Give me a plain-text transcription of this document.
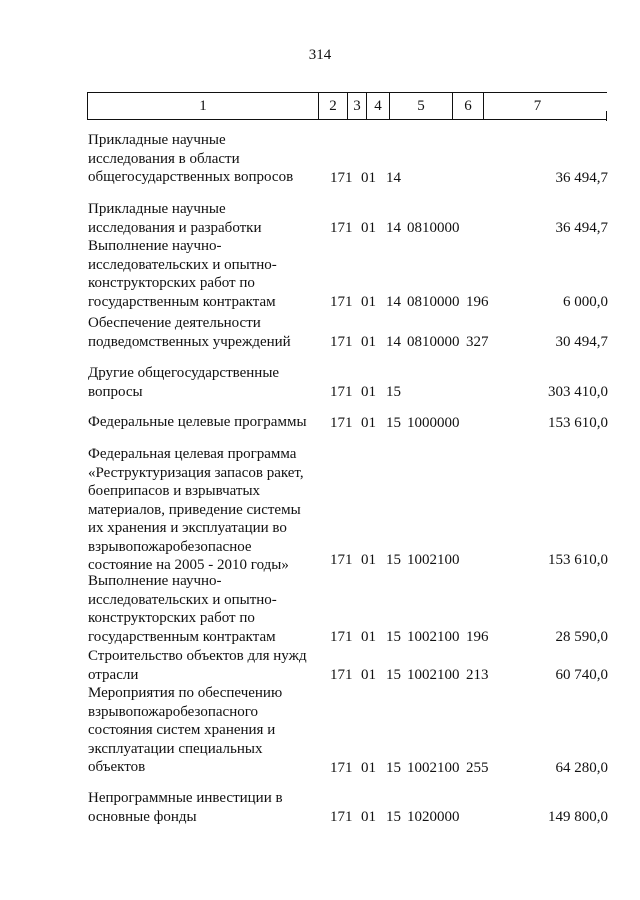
314
1	2	3	4	5	6	7
Прикладные научные
исследования в области
общегосударственных вопросов	171 01 14	36 494,7
Прикладные научные
исследования и разработки	171 01 14 0810000	36 494,7
Выполнение научно-
исследовательских и опытно-
конструкторских работ по
государственным контрактам	171 01 14 0810000 196	6 000,0
Обеспечение деятельности
подведомственных учреждений	171 01 14 0810000 327	30 494,7
Другие общегосударственные
вопросы	171 01 15	303 410,0
Федеральные целевые программы	171 01 15 1000000	153 610,0
Федеральная целевая программа
«Реструктуризация запасов ракет,
боеприпасов и взрывчатых
материалов, приведение системы
их хранения и эксплуатации во
взрывопожаробезопасное
состояние на 2005 - 2010 годы»	171 01 15 1002100	153 610,0
Выполнение научно-
исследовательских и опытно-
конструкторских работ по
государственным контрактам	171 01 15 1002100 196	28 590,0
Строительство объектов для нужд
отрасли	171 01 15 1002100 213	60 740,0
Мероприятия по обеспечению
взрывопожаробезопасного
состояния систем хранения и
эксплуатации специальных
объектов	171 01 15 1002100 255	64 280,0
Непрограммные инвестиции в
основные фонды	171 01 15 1020000	149 800,0
